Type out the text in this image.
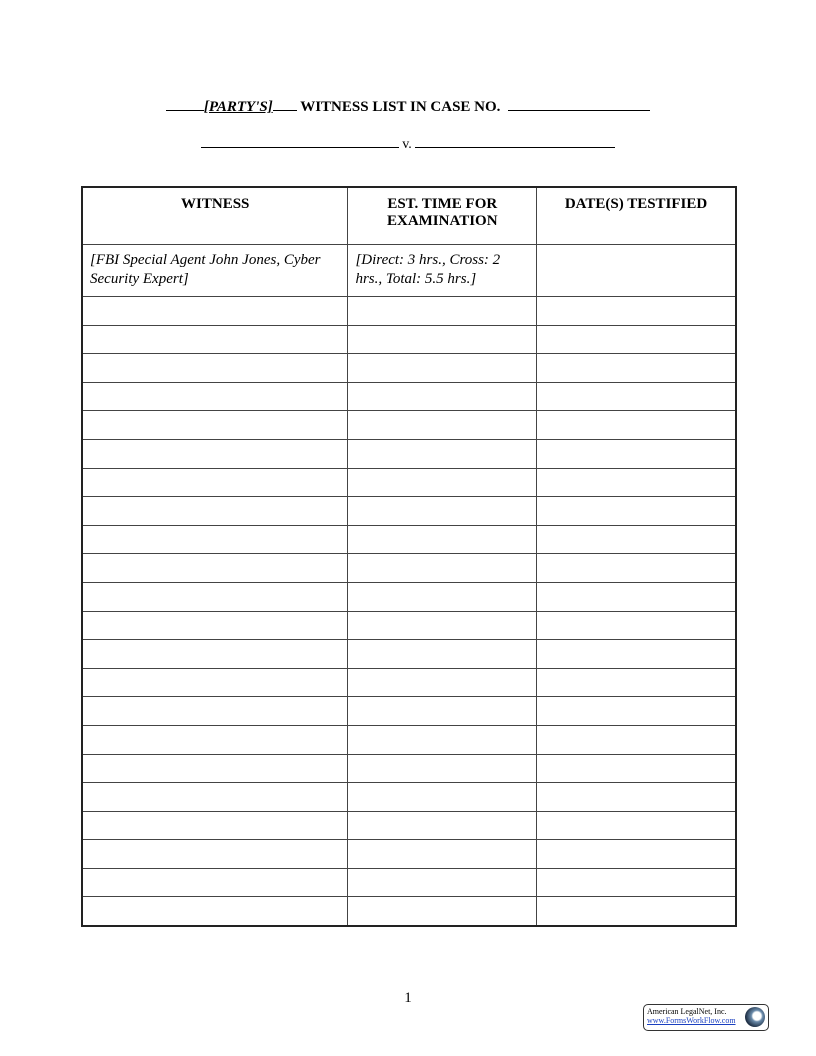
[PARTY'S] WITNESS LIST IN CASE NO.
v.
WITNESS	EST. TIME FOR EXAMINATION	DATE(S) TESTIFIED
[FBI Special Agent John Jones, Cyber Security Expert]	[Direct: 3 hrs., Cross: 2 hrs., Total: 5.5 hrs.]	

1
American LegalNet, Inc.
www.FormsWorkFlow.com
